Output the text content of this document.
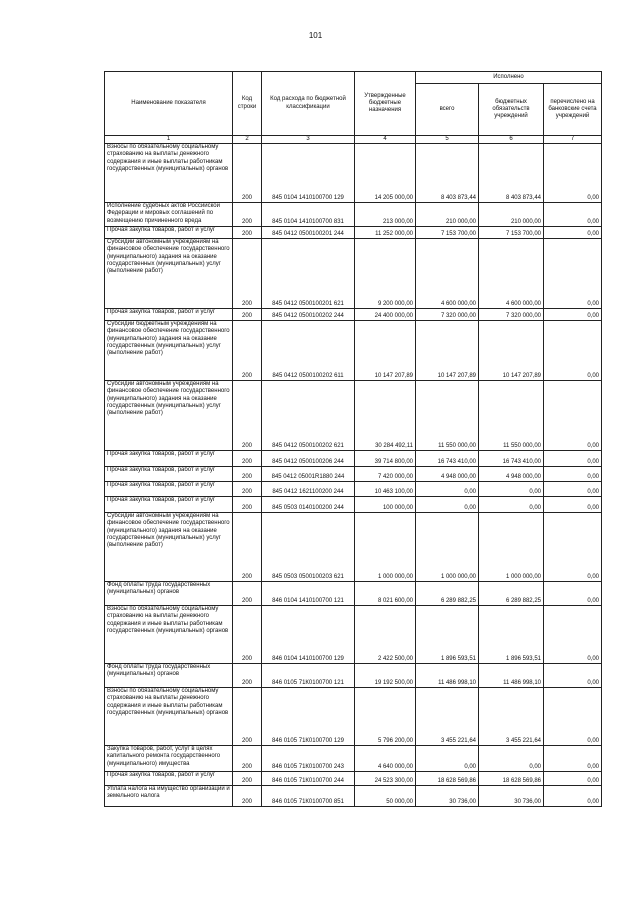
101
Наименование показателя	Код строки	Код расхода по бюджетной классификации	Утвержденные бюджетные назначения	Исполнено		
				всего	бюджетных обязательств учреждений	перечислено на банковские счета учреждений
1	2	3	4	5	6	7
Взносы по обязательному социальному страхованию на выплаты денежного содержания и иные выплаты работникам государственных (муниципальных) органов	200	845 0104 1410100700 129	14 205 000,00	8 403 873,44	8 403 873,44	0,00
Исполнение судебных актов Российской Федерации и мировых соглашений по возмещению причиненного вреда	200	845 0104 1410100700 831	213 000,00	210 000,00	210 000,00	0,00
Прочая закупка товаров, работ и услуг	200	845 0412 0500100201 244	11 252 000,00	7 153 700,00	7 153 700,00	0,00
Субсидии автономным учреждениям на финансовое обеспечение государственного (муниципального) задания на оказание государственных (муниципальных) услуг (выполнение работ)	200	845 0412 0500100201 621	9 200 000,00	4 600 000,00	4 600 000,00	0,00
Прочая закупка товаров, работ и услуг	200	845 0412 0500100202 244	24 400 000,00	7 320 000,00	7 320 000,00	0,00
Субсидии бюджетным учреждениям на финансовое обеспечение государственного (муниципального) задания на оказание государственных (муниципальных) услуг (выполнение работ)	200	845 0412 0500100202 611	10 147 207,89	10 147 207,89	10 147 207,89	0,00
Субсидии автономным учреждениям на финансовое обеспечение государственного (муниципального) задания на оказание государственных (муниципальных) услуг (выполнение работ)	200	845 0412 0500100202 621	30 284 492,11	11 550 000,00	11 550 000,00	0,00
Прочая закупка товаров, работ и услуг	200	845 0412 0500100206 244	39 714 800,00	16 743 410,00	16 743 410,00	0,00
Прочая закупка товаров, работ и услуг	200	845 0412 05001R1880 244	7 420 000,00	4 948 000,00	4 948 000,00	0,00
Прочая закупка товаров, работ и услуг	200	845 0412 1621100200 244	10 463 100,00	0,00	0,00	0,00
Прочая закупка товаров, работ и услуг	200	845 0503 0140100200 244	100 000,00	0,00	0,00	0,00
Субсидии автономным учреждениям на финансовое обеспечение государственного (муниципального) задания на оказание государственных (муниципальных) услуг (выполнение работ)	200	845 0503 0500100203 621	1 000 000,00	1 000 000,00	1 000 000,00	0,00
Фонд оплаты труда государственных (муниципальных) органов	200	846 0104 1410100700 121	8 021 600,00	6 289 882,25	6 289 882,25	0,00
Взносы по обязательному социальному страхованию на выплаты денежного содержания и иные выплаты работникам государственных (муниципальных) органов	200	846 0104 1410100700 129	2 422 500,00	1 896 593,51	1 896 593,51	0,00
Фонд оплаты труда государственных (муниципальных) органов	200	846 0105 71К0100700 121	19 192 500,00	11 486 998,10	11 486 998,10	0,00
Взносы по обязательному социальному страхованию на выплаты денежного содержания и иные выплаты работникам государственных (муниципальных) органов	200	846 0105 71К0100700 129	5 796 200,00	3 455 221,64	3 455 221,64	0,00
Закупка товаров, работ, услуг в целях капитального ремонта государственного (муниципального) имущества	200	846 0105 71К0100700 243	4 640 000,00	0,00	0,00	0,00
Прочая закупка товаров, работ и услуг	200	846 0105 71К0100700 244	24 523 300,00	18 628 569,86	18 628 569,86	0,00
Уплата налога на имущество организаций и земельного налога	200	846 0105 71К0100700 851	50 000,00	30 736,00	30 736,00	0,00
